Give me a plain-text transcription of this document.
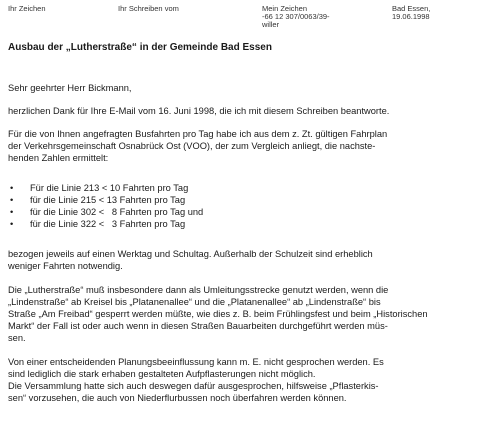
Ihr Zeichen	Ihr Schreiben vom	Mein Zeichen
-66 12 307/0063/39-
willer
Bad Essen,
19.06.1998
Ausbau der „Lutherstraße“ in der Gemeinde Bad Essen
Sehr geehrter Herr Bickmann,
herzlichen Dank für Ihre E-Mail vom 16. Juni 1998, die ich mit diesem Schreiben beantworte.
Für die von Ihnen angefragten Busfahrten pro Tag habe ich aus dem z. Zt. gültigen Fahrplan
der Verkehrsgemeinschaft Osnabrück Ost (VOO), der zum Vergleich anliegt, die nachste-
henden Zahlen ermittelt:
• Für die Linie 213 < 10 Fahrten pro Tag
• für die Linie 215 < 13 Fahrten pro Tag
• für die Linie 302 <   8 Fahrten pro Tag und
• für die Linie 322 <   3 Fahrten pro Tag
bezogen jeweils auf einen Werktag und Schultag. Außerhalb der Schulzeit sind erheblich
weniger Fahrten notwendig.
Die „Lutherstraße“ muß insbesondere dann als Umleitungsstrecke genutzt werden, wenn die
„Lindenstraße“ ab Kreisel bis „Platanenallee“ und die „Platanenallee“ ab „Lindenstraße“ bis
Straße „Am Freibad“ gesperrt werden müßte, wie dies z. B. beim Frühlingsfest und beim „Historischen
Markt“ der Fall ist oder auch wenn in diesen Straßen Bauarbeiten durchgeführt werden müs-
sen.
Von einer entscheidenden Planungsbeeinflussung kann m. E. nicht gesprochen werden. Es
sind lediglich die stark erhaben gestalteten Aufpflasterungen nicht möglich.
Die Versammlung hatte sich auch deswegen dafür ausgesprochen, hilfsweise „Pflasterkis-
sen“ vorzusehen, die auch von Niederflurbussen noch überfahren werden können.
